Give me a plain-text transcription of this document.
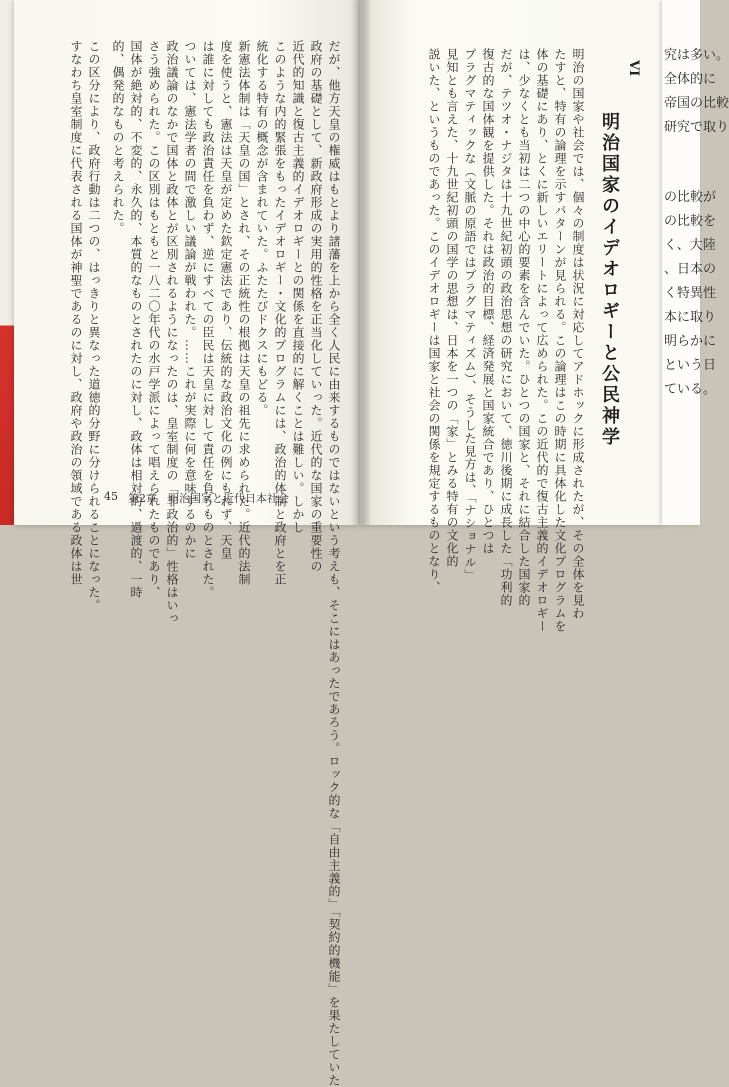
VI
明治国家のイデオロギーと公民神学
明治の国家や社会では、個々の制度は状況に対応してアドホックに形成されたが、その全体を見わ
たすと、特有の論理を示すパターンが見られる。この論理はこの時期に具体化した文化プログラムを
体の基礎にあり、とくに新しいエリートによって広められた。この近代的で復古主義的イデオロギー
は、少なくとも当初は二つの中心的要素を含んでいた。ひとつの国家と、それに結合した国家的
だが、テツオ・ナジタは十九世紀初頭の政治思想の研究において、徳川後期に成長した「功利的
復古的な国体観を提供した。それは政治的目標、経済発展と国家統合であり、ひとつは
プラグマティックな（文脈の原語ではプラグマティズム）、そうした見方は、「ナショナル」
見知とも言えた、十九世紀初頭の国学の思想は、日本を一つの「家」とみる特有の文化的
説いた、というものであった。このイデオロギーは国家と社会の関係を規定するものとなり、
だが、他方天皇の権威はもとより諸藩を上から全く人民に由来するものではないという考えも、そこにはあったであろう。ロック的な「自由主義的」「契約的機能」を果たしていた
政府の基礎として、新政府形成の実用的性格を正当化していった。近代的な国家の重要性の
近代的知識と復古主義的イデオロギーとの関係を直接的に解くことは難しい。しかし
このような内的緊張をもったイデオロギー・文化的プログラムには、政治的体制と政府とを正
統化する特有の概念が含まれていた。ふたたびドクスにもどる。
新憲法体制は「天皇の国」とされ、その正統性の根拠は天皇の祖先に求められた。近代的法制
度を使うと、憲法は天皇が定めた欽定憲法であり、伝統的な政治文化の例にもれず、天皇
は誰に対しても政治責任を負わず、逆にすべての臣民は天皇に対して責任を負うものとされた。
ついては、憲法学者の間で激しい議論が戦われた。……これが実際に何を意味するのかに
政治議論のなかで国体と政体とが区別されるようになったのは、皇室制度の「非政治的」性格はいっ
さう強められた。この区別はもともと一八二〇年代の水戸学派によって唱えられたものであり、
国体が絶対的、不変的、永久的、本質的なものとされたのに対し、政体は相対的、過渡的、一時
的、偶発的なものと考えられた。
この区分により、政府行動は二つの、はっきりと異なった道徳的分野に分けられることになった。
すなわち皇室制度に代表される国体が神聖であるのに対し、政府や政治の領域である政体は世 45 第2章　明治国家と近代日本社会
究は多い。
全体的に
帝国の比較
研究で取り
の比較が
の比較を
く、大陸
、日本の
く特異性
本に取り
明らかに
という日
ている。
